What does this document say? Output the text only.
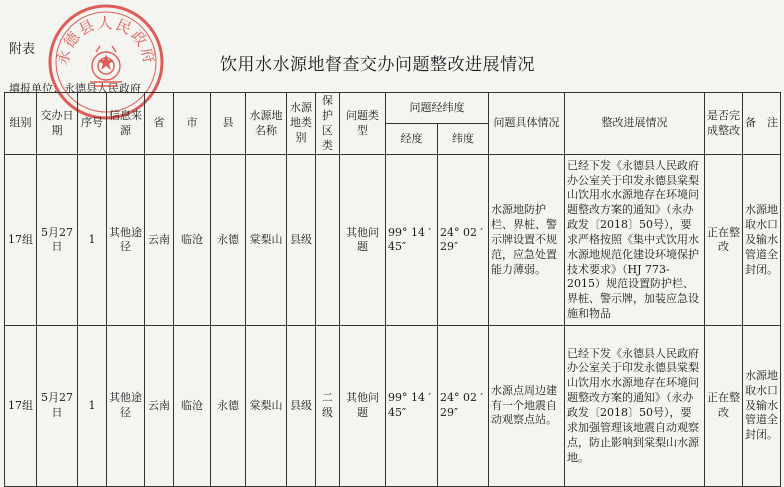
附表
饮用水水源地督查交办问题整改进展情况
填报单位：永德县人民政府
永德县人民政府
组别	交办日期	序号	信息来源	省	市	县	水源地名称	水源地类别	保护区类	问题类型	问题经纬度		问题具体情况	整改进展情况	是否完成整改	备　注
											经度	纬度				
17组	5月27日	1	其他途径	云南	临沧	永德	棠梨山	县级		其他问题	99° 14 ′ 45″	24° 02 ′ 29″	水源地防护栏、界桩、警示牌设置不规范，应急处置能力薄弱。	已经下发《永德县人民政府办公室关于印发永德县棠梨山饮用水水源地存在环境问题整改方案的通知》（永办政发〔2018〕50号），要求严格按照《集中式饮用水水源地规范化建设环境保护技术要求》（HJ 773-2015）规范设置防护栏、界桩、警示牌，加装应急设施和物品	正在整改	水源地取水口及输水管道全封闭。
17组	5月27日	1	其他途径	云南	临沧	永德	棠梨山	县级	二级	其他问题	99° 14 ′ 45″	24° 02 ′ 29″	水源点周边建有一个地震自动观察点站。	已经下发《永德县人民政府办公室关于印发永德县棠梨山饮用水水源地存在环境问题整改方案的通知》（永办政发〔2018〕50号），要求加强管理该地震自动观察点，防止影响到棠梨山水源地。	正在整改	水源地取水口及输水管道全封闭。
